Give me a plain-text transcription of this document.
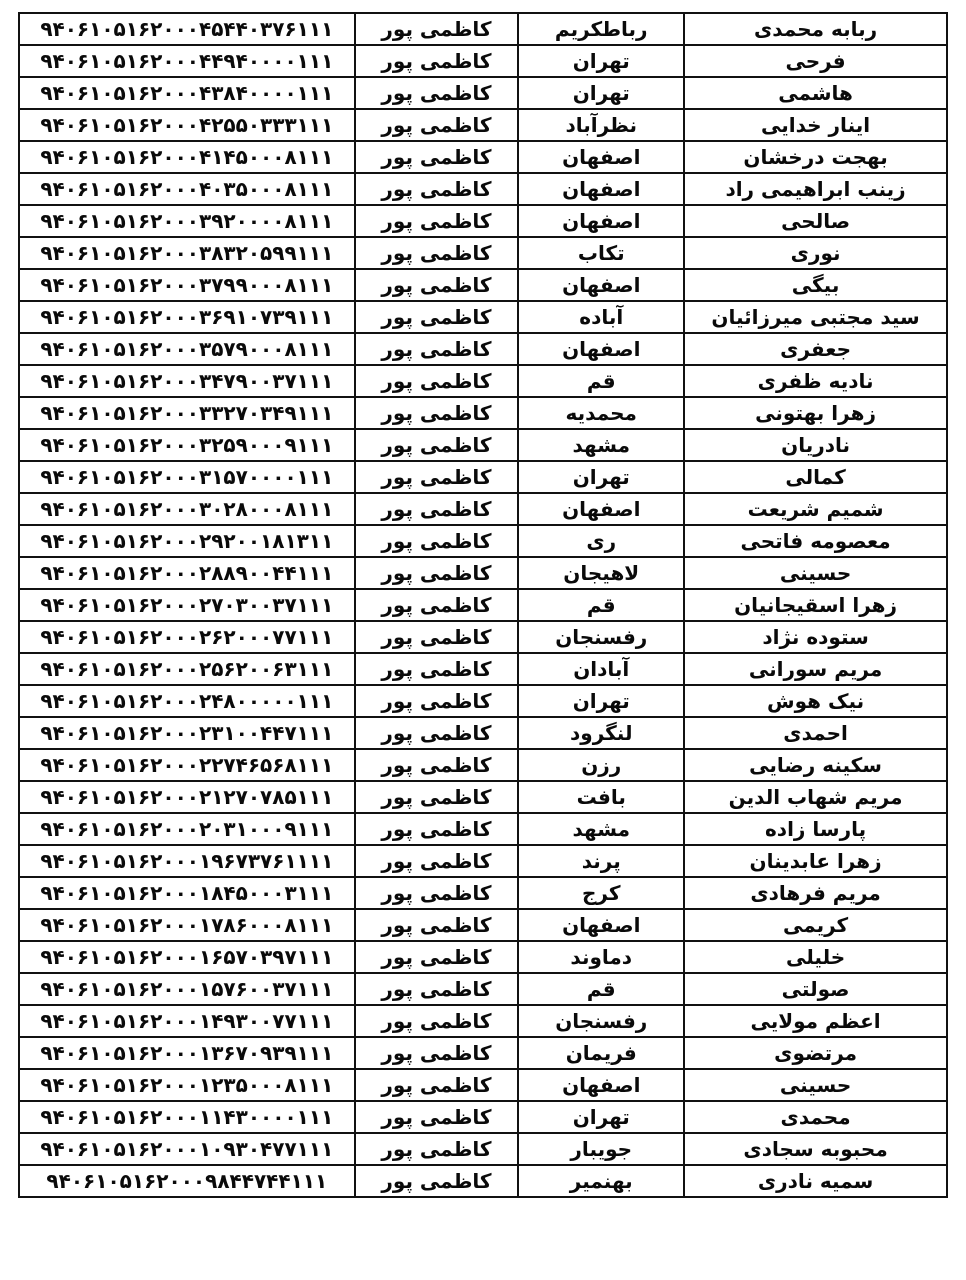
۹۴۰۶۱۰۵۱۶۲۰۰۰۴۵۴۴۰۳۷۶۱۱۱	کاظمی پور	رباطکریم	ربابه محمدی
۹۴۰۶۱۰۵۱۶۲۰۰۰۴۴۹۴۰۰۰۰۱۱۱	کاظمی پور	تهران	فرحی
۹۴۰۶۱۰۵۱۶۲۰۰۰۴۳۸۴۰۰۰۰۱۱۱	کاظمی پور	تهران	هاشمی
۹۴۰۶۱۰۵۱۶۲۰۰۰۴۲۵۵۰۳۳۳۱۱۱	کاظمی پور	نظرآباد	اینار خدایی
۹۴۰۶۱۰۵۱۶۲۰۰۰۴۱۴۵۰۰۰۸۱۱۱	کاظمی پور	اصفهان	بهجت درخشان
۹۴۰۶۱۰۵۱۶۲۰۰۰۴۰۳۵۰۰۰۸۱۱۱	کاظمی پور	اصفهان	زینب ابراهیمی راد
۹۴۰۶۱۰۵۱۶۲۰۰۰۳۹۲۰۰۰۰۸۱۱۱	کاظمی پور	اصفهان	صالحی
۹۴۰۶۱۰۵۱۶۲۰۰۰۳۸۳۲۰۵۹۹۱۱۱	کاظمی پور	تکاب	نوری
۹۴۰۶۱۰۵۱۶۲۰۰۰۳۷۹۹۰۰۰۸۱۱۱	کاظمی پور	اصفهان	بیگی
۹۴۰۶۱۰۵۱۶۲۰۰۰۳۶۹۱۰۷۳۹۱۱۱	کاظمی پور	آباده	سید مجتبی میرزائیان
۹۴۰۶۱۰۵۱۶۲۰۰۰۳۵۷۹۰۰۰۸۱۱۱	کاظمی پور	اصفهان	جعفری
۹۴۰۶۱۰۵۱۶۲۰۰۰۳۴۷۹۰۰۳۷۱۱۱	کاظمی پور	قم	نادیه ظفری
۹۴۰۶۱۰۵۱۶۲۰۰۰۳۳۲۷۰۳۴۹۱۱۱	کاظمی پور	محمدیه	زهرا بهتونی
۹۴۰۶۱۰۵۱۶۲۰۰۰۳۲۵۹۰۰۰۹۱۱۱	کاظمی پور	مشهد	نادریان
۹۴۰۶۱۰۵۱۶۲۰۰۰۳۱۵۷۰۰۰۰۱۱۱	کاظمی پور	تهران	کمالی
۹۴۰۶۱۰۵۱۶۲۰۰۰۳۰۲۸۰۰۰۸۱۱۱	کاظمی پور	اصفهان	شمیم شریعت
۹۴۰۶۱۰۵۱۶۲۰۰۰۲۹۲۰۰۱۸۱۳۱۱	کاظمی پور	ری	معصومه فاتحی
۹۴۰۶۱۰۵۱۶۲۰۰۰۲۸۸۹۰۰۴۴۱۱۱	کاظمی پور	لاهیجان	حسینی
۹۴۰۶۱۰۵۱۶۲۰۰۰۲۷۰۳۰۰۳۷۱۱۱	کاظمی پور	قم	زهرا اسقیجانیان
۹۴۰۶۱۰۵۱۶۲۰۰۰۲۶۲۰۰۰۷۷۱۱۱	کاظمی پور	رفسنجان	ستوده نژاد
۹۴۰۶۱۰۵۱۶۲۰۰۰۲۵۶۲۰۰۶۳۱۱۱	کاظمی پور	آبادان	مریم سورانی
۹۴۰۶۱۰۵۱۶۲۰۰۰۲۴۸۰۰۰۰۰۱۱۱	کاظمی پور	تهران	نیک هوش
۹۴۰۶۱۰۵۱۶۲۰۰۰۲۳۱۰۰۴۴۷۱۱۱	کاظمی پور	لنگرود	احمدی
۹۴۰۶۱۰۵۱۶۲۰۰۰۲۲۷۴۶۵۶۸۱۱۱	کاظمی پور	رزن	سکینه رضایی
۹۴۰۶۱۰۵۱۶۲۰۰۰۲۱۲۷۰۷۸۵۱۱۱	کاظمی پور	بافت	مریم شهاب الدین
۹۴۰۶۱۰۵۱۶۲۰۰۰۲۰۳۱۰۰۰۹۱۱۱	کاظمی پور	مشهد	پارسا زاده
۹۴۰۶۱۰۵۱۶۲۰۰۰۱۹۶۷۳۷۶۱۱۱۱	کاظمی پور	پرند	زهرا عابدینان
۹۴۰۶۱۰۵۱۶۲۰۰۰۱۸۴۵۰۰۰۳۱۱۱	کاظمی پور	کرج	مریم فرهادی
۹۴۰۶۱۰۵۱۶۲۰۰۰۱۷۸۶۰۰۰۸۱۱۱	کاظمی پور	اصفهان	کریمی
۹۴۰۶۱۰۵۱۶۲۰۰۰۱۶۵۷۰۳۹۷۱۱۱	کاظمی پور	دماوند	خلیلی
۹۴۰۶۱۰۵۱۶۲۰۰۰۱۵۷۶۰۰۳۷۱۱۱	کاظمی پور	قم	صولتی
۹۴۰۶۱۰۵۱۶۲۰۰۰۱۴۹۳۰۰۷۷۱۱۱	کاظمی پور	رفسنجان	اعظم مولایی
۹۴۰۶۱۰۵۱۶۲۰۰۰۱۳۶۷۰۹۳۹۱۱۱	کاظمی پور	فریمان	مرتضوی
۹۴۰۶۱۰۵۱۶۲۰۰۰۱۲۳۵۰۰۰۸۱۱۱	کاظمی پور	اصفهان	حسینی
۹۴۰۶۱۰۵۱۶۲۰۰۰۱۱۴۳۰۰۰۰۱۱۱	کاظمی پور	تهران	محمدی
۹۴۰۶۱۰۵۱۶۲۰۰۰۱۰۹۳۰۴۷۷۱۱۱	کاظمی پور	جویبار	محبوبه سجادی
۹۴۰۶۱۰۵۱۶۲۰۰۰۹۸۴۴۷۴۴۱۱۱	کاظمی پور	بهنمیر	سمیه نادری
